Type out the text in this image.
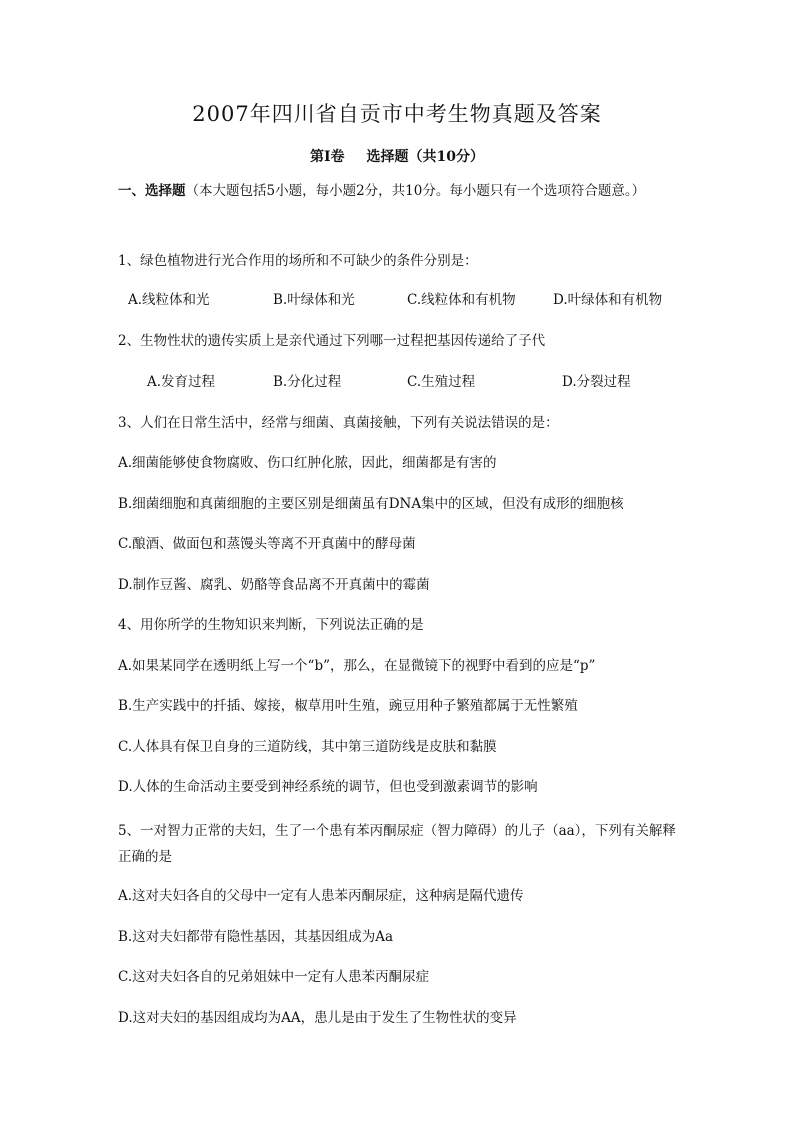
2007年四川省自贡市中考生物真题及答案
第I卷 选择题（共10分）
一、选择题（本大题包括5小题，每小题2分，共10分。每小题只有一个选项符合题意。）
1、绿色植物进行光合作用的场所和不可缺少的条件分别是：
A.线粒体和光	B.叶绿体和光	C.线粒体和有机物	D.叶绿体和有机物
2、生物性状的遗传实质上是亲代通过下列哪一过程把基因传递给了子代
A.发育过程	B.分化过程	C.生殖过程	D.分裂过程
3、人们在日常生活中，经常与细菌、真菌接触，下列有关说法错误的是：
A.细菌能够使食物腐败、伤口红肿化脓，因此，细菌都是有害的
B.细菌细胞和真菌细胞的主要区别是细菌虽有DNA集中的区域，但没有成形的细胞核
C.酿酒、做面包和蒸馒头等离不开真菌中的酵母菌
D.制作豆酱、腐乳、奶酪等食品离不开真菌中的霉菌
4、用你所学的生物知识来判断，下列说法正确的是
A.如果某同学在透明纸上写一个“b”，那么，在显微镜下的视野中看到的应是“p”
B.生产实践中的扦插、嫁接，椒草用叶生殖，豌豆用种子繁殖都属于无性繁殖
C.人体具有保卫自身的三道防线，其中第三道防线是皮肤和黏膜
D.人体的生命活动主要受到神经系统的调节，但也受到激素调节的影响
5、一对智力正常的夫妇，生了一个患有苯丙酮尿症（智力障碍）的儿子（aa），下列有关解释正确的是
A.这对夫妇各自的父母中一定有人患苯丙酮尿症，这种病是隔代遗传
B.这对夫妇都带有隐性基因，其基因组成为Aa
C.这对夫妇各自的兄弟姐妹中一定有人患苯丙酮尿症
D.这对夫妇的基因组成均为AA，患儿是由于发生了生物性状的变异
